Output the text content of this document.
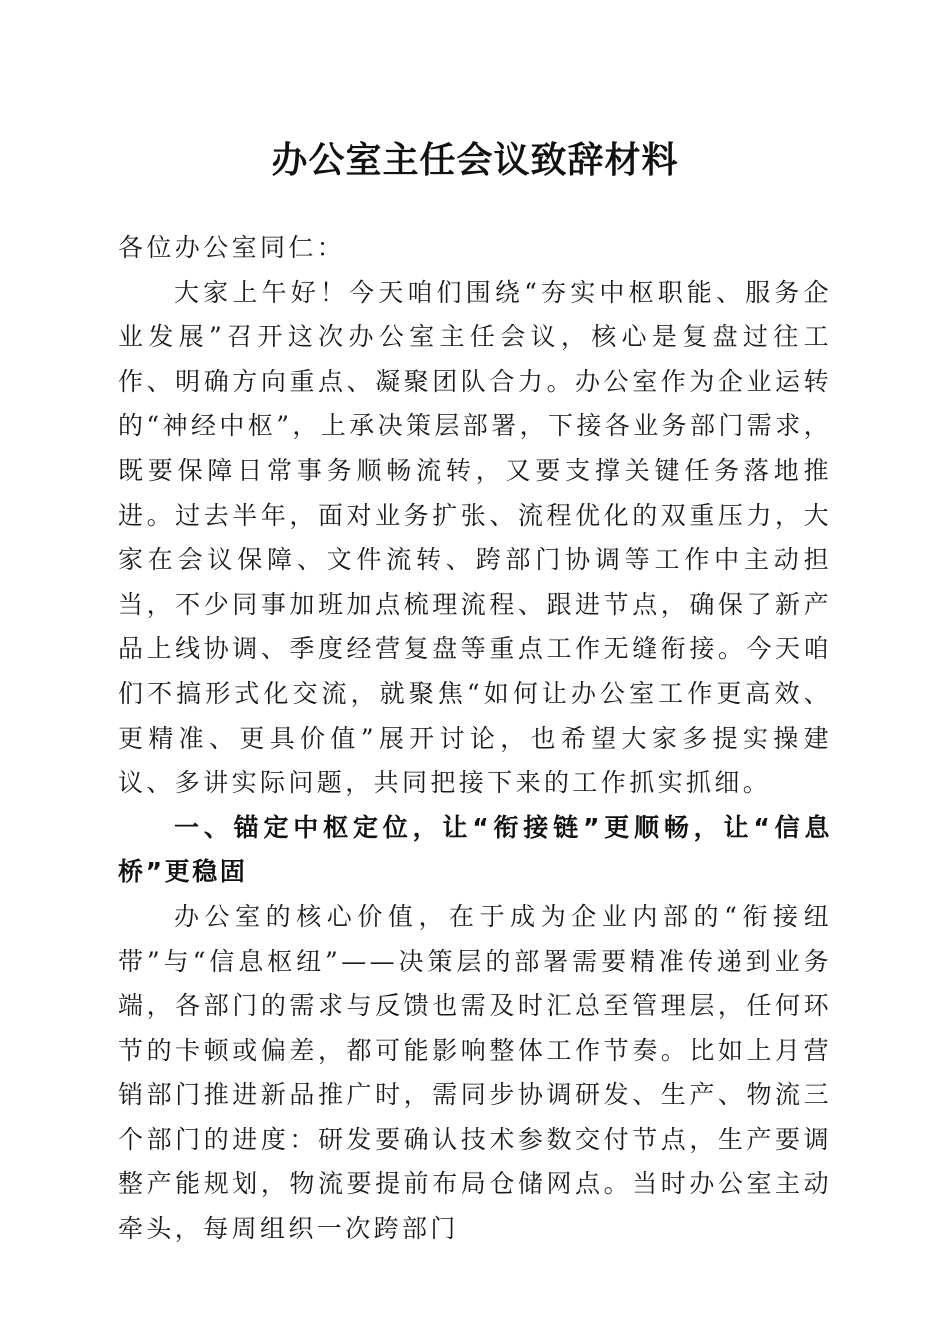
办公室主任会议致辞材料

各位办公室同仁：

大家上午好！今天咱们围绕“夯实中枢职能、服务企业发展”召开这次办公室主任会议，核心是复盘过往工作、明确方向重点、凝聚团队合力。办公室作为企业运转的“神经中枢”，上承决策层部署，下接各业务部门需求，既要保障日常事务顺畅流转，又要支撑关键任务落地推进。过去半年，面对业务扩张、流程优化的双重压力，大家在会议保障、文件流转、跨部门协调等工作中主动担当，不少同事加班加点梳理流程、跟进节点，确保了新产品上线协调、季度经营复盘等重点工作无缝衔接。今天咱们不搞形式化交流，就聚焦“如何让办公室工作更高效、更精准、更具价值”展开讨论，也希望大家多提实操建议、多讲实际问题，共同把接下来的工作抓实抓细。

一、锚定中枢定位，让“衔接链”更顺畅，让“信息桥”更稳固

办公室的核心价值，在于成为企业内部的“衔接纽带”与“信息枢纽”——决策层的部署需要精准传递到业务端，各部门的需求与反馈也需及时汇总至管理层，任何环节的卡顿或偏差，都可能影响整体工作节奏。比如上月营销部门推进新品推广时，需同步协调研发、生产、物流三个部门的进度：研发要确认技术参数交付节点，生产要调整产能规划，物流要提前布局仓储网点。当时办公室主动牵头，每周组织一次跨部门
